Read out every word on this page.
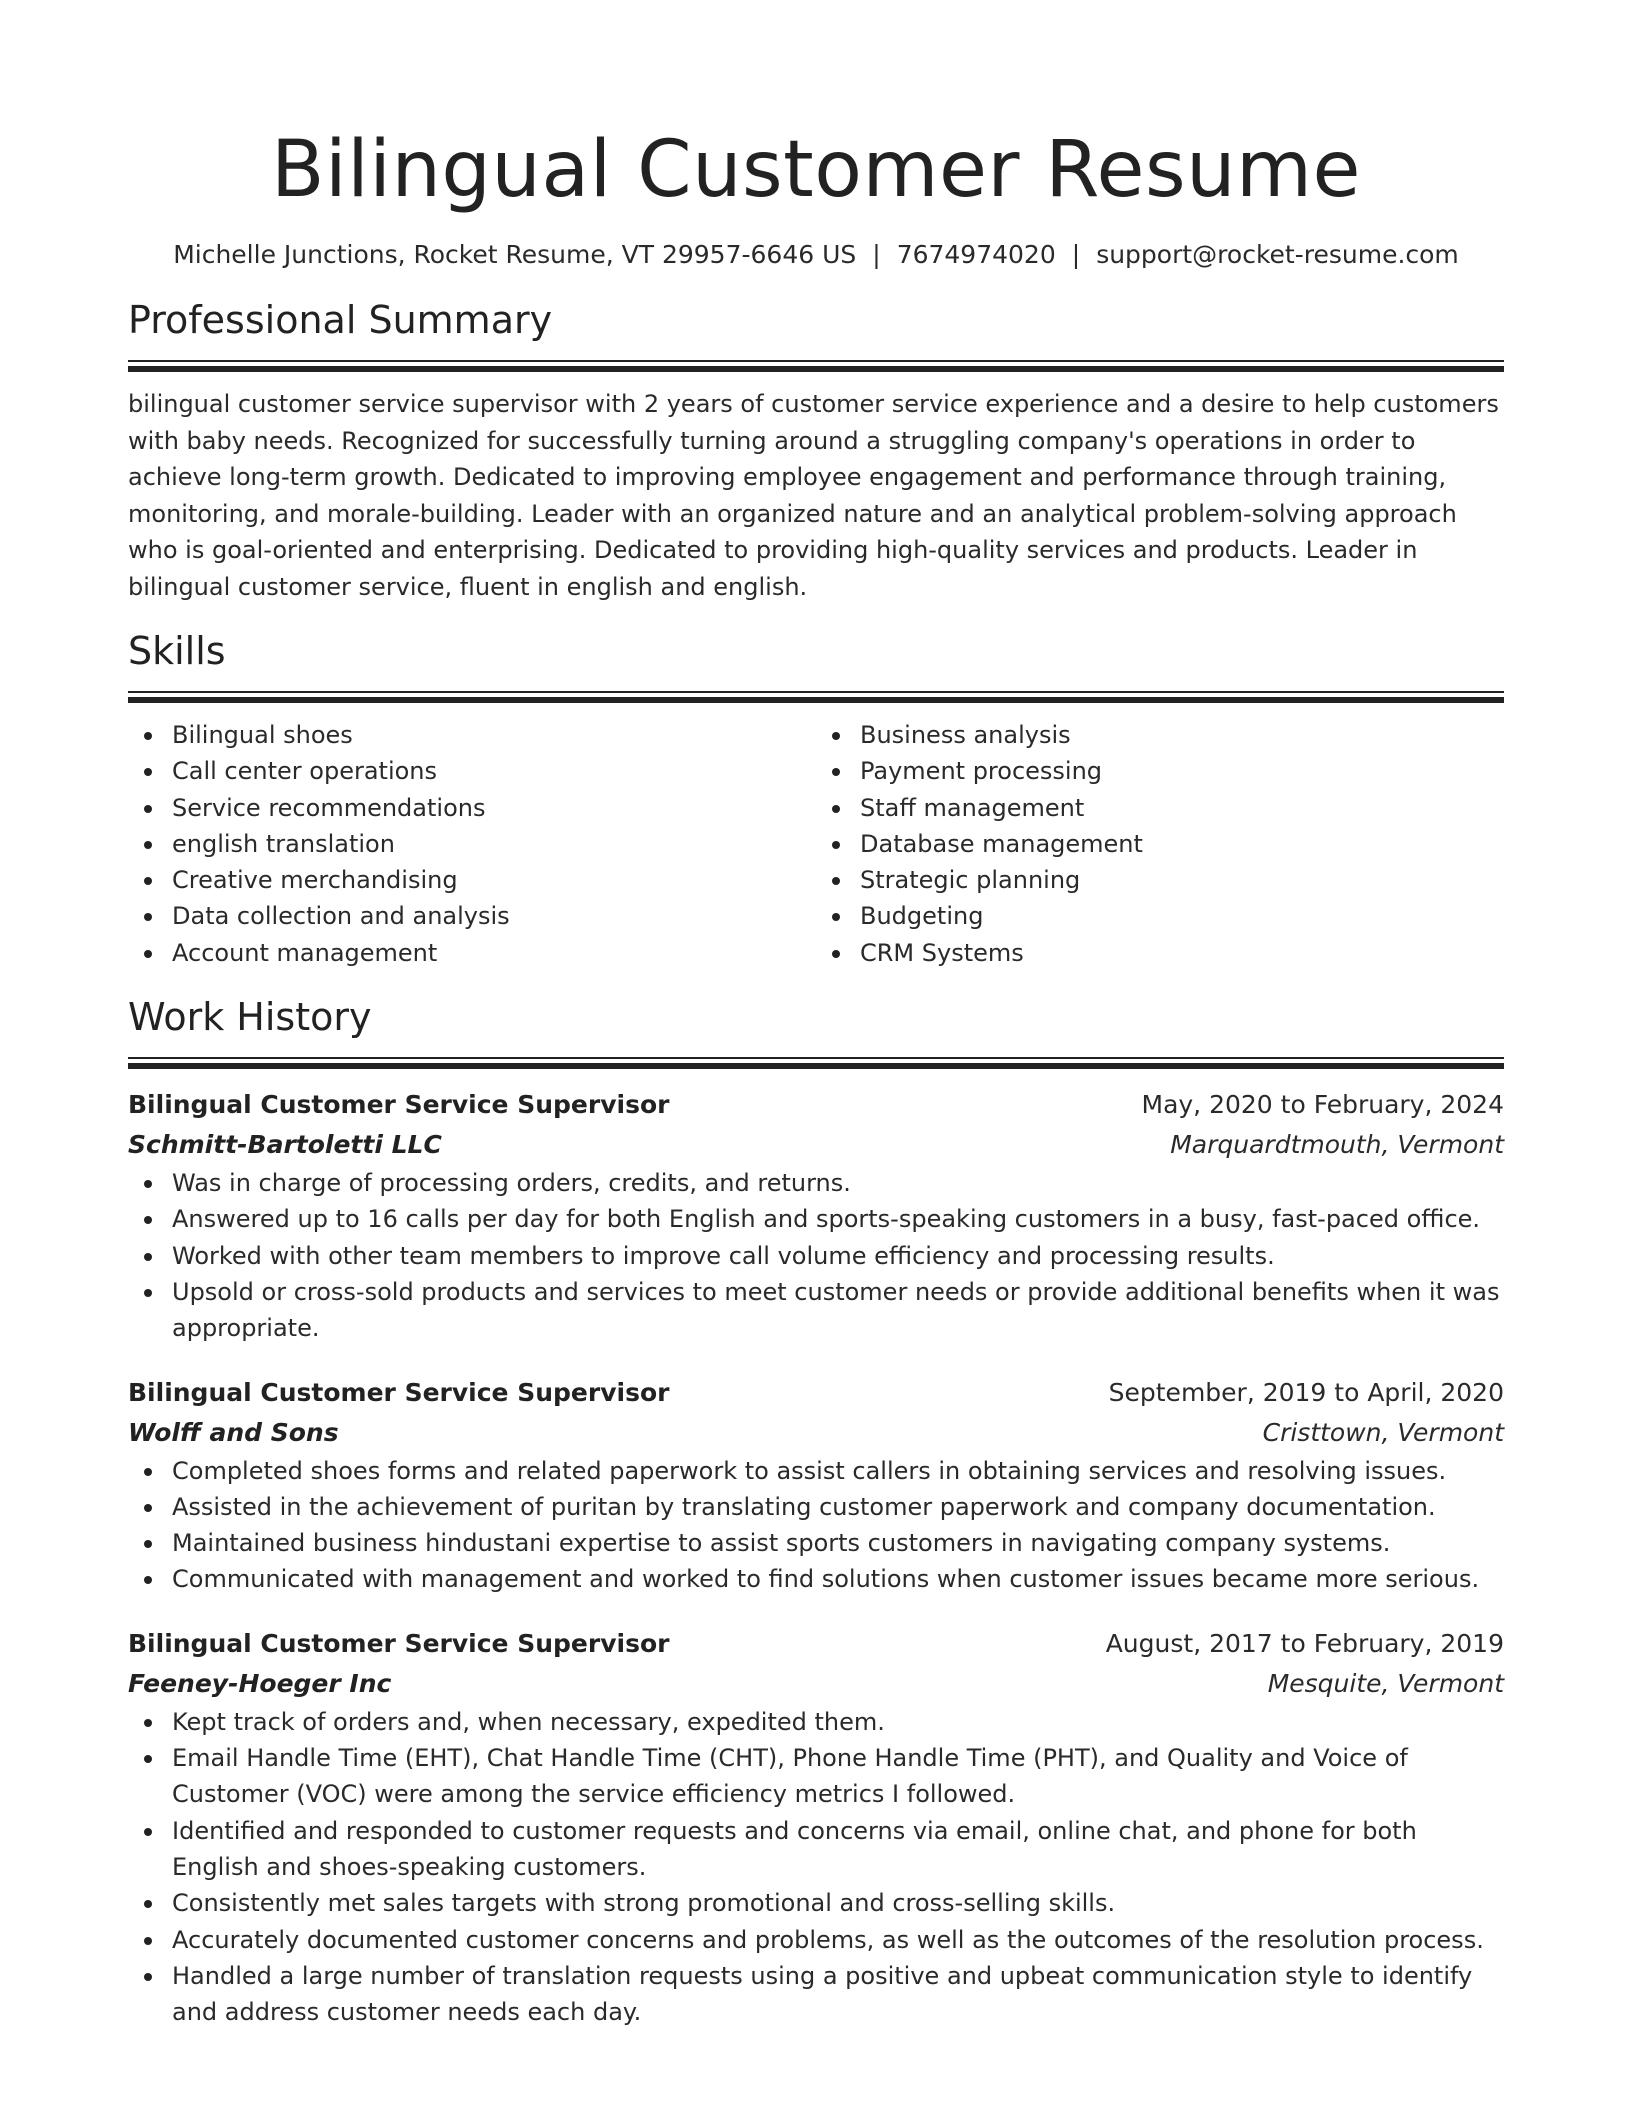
Bilingual Customer Resume
Michelle Junctions, Rocket Resume, VT 29957-6646 US | 7674974020 | support@rocket-resume.com
Professional Summary

bilingual customer service supervisor with 2 years of customer service experience and a desire to help customers with baby needs. Recognized for successfully turning around a struggling company's operations in order to achieve long-term growth. Dedicated to improving employee engagement and performance through training, monitoring, and morale-building. Leader with an organized nature and an analytical problem-solving approach who is goal-oriented and enterprising. Dedicated to providing high-quality services and products. Leader in bilingual customer service, fluent in english and english.

Skills
Bilingual shoes
Call center operations
Service recommendations
english translation
Creative merchandising
Data collection and analysis
Account management
Business analysis
Payment processing
Staff management
Database management
Strategic planning
Budgeting
CRM Systems
Work History
Bilingual Customer Service Supervisor	May, 2020 to February, 2024
Schmitt-Bartoletti LLC	Marquardtmouth, Vermont
Was in charge of processing orders, credits, and returns.
Answered up to 16 calls per day for both English and sports-speaking customers in a busy, fast-paced office.
Worked with other team members to improve call volume efficiency and processing results.
Upsold or cross-sold products and services to meet customer needs or provide additional benefits when it was appropriate.
Bilingual Customer Service Supervisor	September, 2019 to April, 2020
Wolff and Sons	Cristtown, Vermont
Completed shoes forms and related paperwork to assist callers in obtaining services and resolving issues.
Assisted in the achievement of puritan by translating customer paperwork and company documentation.
Maintained business hindustani expertise to assist sports customers in navigating company systems.
Communicated with management and worked to find solutions when customer issues became more serious.
Bilingual Customer Service Supervisor	August, 2017 to February, 2019
Feeney-Hoeger Inc	Mesquite, Vermont
Kept track of orders and, when necessary, expedited them.
Email Handle Time (EHT), Chat Handle Time (CHT), Phone Handle Time (PHT), and Quality and Voice of Customer (VOC) were among the service efficiency metrics I followed.
Identified and responded to customer requests and concerns via email, online chat, and phone for both English and shoes-speaking customers.
Consistently met sales targets with strong promotional and cross-selling skills.
Accurately documented customer concerns and problems, as well as the outcomes of the resolution process.
Handled a large number of translation requests using a positive and upbeat communication style to identify and address customer needs each day.
